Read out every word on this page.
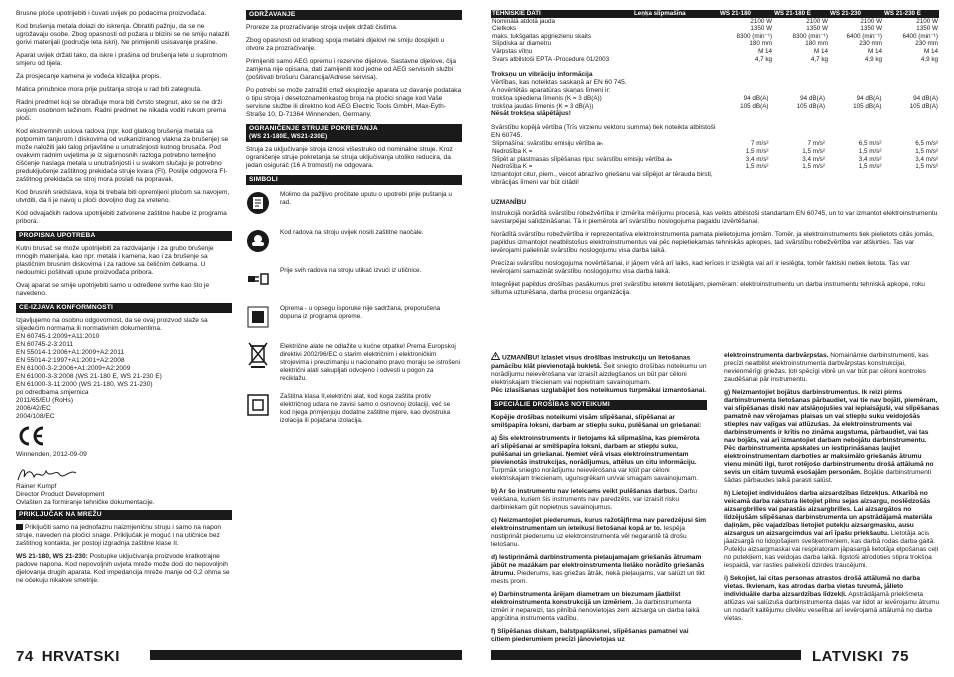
Brusne ploče upotrijebiti i čuvati uvijek po podacima proizvođača.

Kod brušenja metala dolazi do iskrenja. Obratiti pažnju, da se ne ugrožavaju osobe. Zbog opasnosti od požara u blizini se ne smiju nalaziti gorivi materijali (područje leta iskri). Ne primijeniti usisavanje prašine.

Aparat uvijek držati tako, da iskre i prašina od brušenja lete u suprotnom smjeru od tijela.

Za prosjecanje kamena je vođeća klizaljka propis.

Matica prirubnice mora prije puštanja stroja u rad biti zategnuta.

Radni predmet koji se obrađuje mora biti čvrsto stegnut, ako se ne drži svojom osobnom težinom. Radni predmet ne nikada voditi rukom prema ploči.

Kod ekstremnih uslova radova (npr. kod glatkog brušenja metala sa potpornim tanjurom i diskovima od vulkaniziranog vlakna za brušenje) se može naložiti jaki talog prljavštine u unutrašnjosti kutnog brusača. Pod ovakvim radnim uvjetima je iz sigurnosnih razloga potrebno temeljno čišćenje naslaga metala u unutrašnjosti i u svakom slučaju je potrebno preduključenje zaštitnog prekidača struje kvara (FI). Poslije odgovora FI-zaštitnog prekidača se stroj mora poslati na popravak.

Kod brusnih sredstava, koja bi trebala biti opremljeni pločom sa navojem, utvrditi, da li je navoj u ploči dovoljno dug za vreteno.

Kod odvajačkih radova upotrijebiti zatvorene zaštitne haube iz programa pribora.

PROPISNA UPOTREBA

Kutni brusač se može upotrijebiti za razdvajanje i za grubo brušenje mnogih materijala, kao npr. metala i kamena, kao i za brušenje sa plastičnim brusnim diskovima i za radove sa čeličnim četkama. U nedoumici pošitivati upute proizvođača pribora.

Ovaj aparat se smije upotrijebiti samo u određene svrhe kao što je navedeno.

CE-IZJAVA KONFORMNOSTI
Izjavljujemo na osobnu odgovornost, da se ovaj proizvod slaže sa slijedećim normama ili normativnim dokumentima.
EN 60745-1:2009+A11:2010
EN 60745-2-3:2011
EN 55014-1:2006+A1:2009+A2:2011
EN 55014-2:1997+A1:2001+A2:2008
EN 61000-3-2:2006+A1:2009+A2:2009
EN 61000-3-3:2008 (WS 21-180 E, WS 21-230 E)
EN 61000-3-11:2000 (WS 21-180, WS 21-230)
po odredbama smjernica
2011/65/EU (RoHs)
2006/42/EC
2004/108/EC
Winnenden, 2012-09-09
Rainer Kumpf
Director Product Development
Ovlašten za formiranje tehničke dokumentacije.
PRIKLJUČAK NA MREŽU

Priključiti samo na jednofaznu naizmjeničnu struju i samo na napon struje, naveden na pločici snage. Priključak je moguć i na utičnice bez zaštitnog kontakta, jer postoji izgradnja zaštitne klase II.

WS 21-180, WS 21-230: Postupke uključivanja proizvode kratkotrajne padove napona. Kod nepovoljnih uvjeta mreže može doći do nepovoljnih djelovanja drugih aparata. Kod impedancija mreže manje od 0,2 ohma se ne očekuju nikakve smetnje.

ODRŽAVANJE

Proreze za prozračivanje stroja uvijek držati čistima.

Zbog opasnosti od kratkog spoja metalni dijelovi ne smiju dospijeti u otvore za prozračivanje.

Primijeniti samo AEG opremu i rezervne dijelove. Sastavne dijelove, čija zamjena nije opisana, dati zamijeniti kod jedne od AEG servisnih službi (pošitivati brošuru Garancija/Adrese servisa).

Po potrebi se može zatražiti crtež eksplozije aparata uz davanje podataka o tipu stroja i desetoznamenkastog broja na pločici snage kod Vaše servisne službe ili direktno kod AEG Electric Tools GmbH, Max-Eyth-Straße 10, D-71364 Winnenden, Germany.

OGRANIČENJE STRUJE POKRETANJA
(WS 21-180E, WS21-230E)

Struja za uključivanje stroja iznosi višestruko od nominalne struje. Kroz ograničenje struje pokretanja se struja uključivanja utoliko reducira, da jedan osigurač (16 A tromosti) ne odgovara.

SIMBOLI
Molimo da pažljivo pročitate uputu o upotrebi prije puštanja u rad.
Kod radova na stroju uvijek nositi zaštitne naočale.
Prije svih radova na stroju utikač izvući iz utičnice.
Oprema - u opsegu isporuke nije sadržana, preporučena dopuna iz programa opreme.
Električne alate ne odlažite u kućne otpatke! Prema Europskoj direktivi 2002/96/EC o starim električnim i elektroničkim strojevima i preuzimanju u nacionalno pravo moraju se istrošeni električni alati sakupljati odvojeno i odvesti u pogon za reciklažu.
Zaštitna klasa II,električni alat, kod koga zaštita protiv električnog udara ne zavisi samo o osnovnoj izolaciji, već se kod njega primjenjuju dodatne zaštitne mjere, kao dvostruka izolacija ili pojačana izolacija.
74 HRVATSKI
TEHNISKIE DATI	Leņķa slīpmašīna	WS 21-180	WS 21-180 E	WS 21-230	WS 21-230 E
Nominālā atdotā jauda		2100 W	2100 W	2100 W	2100 W
Cietkoks		1350 W	1350 W	1350 W	1350 W
maks. tukšgaitas apgriezienu skaits		8300 (min⁻¹)	8300 (min⁻¹)	6400 (min⁻¹)	6400 (min⁻¹)
Slīpdiska ar diametru		180 mm	180 mm	230 mm	230 mm
Vārpstas vītņu		M 14	M 14	M 14	M 14
Svars atbilstoši EPTA -Procedure 01/2003		4,7 kg	4,7 kg	4,9 kg	4,9 kg
Troksņu un vibrāciju informācija
Vērtības, kas noteiktas saskaņā ar EN 60 745.
A novērtētās aparatūras skaņas līmeni ir:
trokšņa spiediena līmenis (K = 3 dB(A))	94 dB(A)	94 dB(A)	94 dB(A)	94 dB(A)
trokšņa jaudas līmenis (K = 3 dB(A))	105 dB(A)	105 dB(A)	105 dB(A)	105 dB(A)
Nēsāt trokšņa slāpētājus!
Svārstību kopējā vērtība (Trīs virzienu vektoru summa) tiek noteikta atbilstoši EN 60745.
Slīpmašīna: svārstību emisiju vērtība aₕ	7 m/s²	7 m/s²	6,5 m/s²	6,5 m/s²
Nedrošība K =	1,5 m/s²	1,5 m/s²	1,5 m/s²	1,5 m/s²
Slīpēt ar plastmasas slīpēšanas ripu: svārstību emisiju vērtība aₕ	3,4 m/s²	3,4 m/s²	3,4 m/s²	3,4 m/s²
Nedrošība K =	1,5 m/s²	1,5 m/s²	1,5 m/s²	1,5 m/s²
Izmantojot citur, piem., veicot abrazīvo griešanu vai slīpējot ar tērauda birsti, vibrācijas līmeni var būt citādi!
UZMANĪBU

Instrukcijā norādītā svārstību robežvērtība ir izmērīta mērījumu procesā, kas veikts atbilstoši standartam EN 60745, un to var izmantot elektroinstrumentu savstarpējai salīdzināšanai. Tā ir piemērota arī svārstību noslogojuma pagaidu izvērtēšanai.

Norādītā svārstību robežvērtība ir reprezentatīva elektroinstrumenta pamata pielietojuma jomām. Tomēr, ja elektroinstruments tiek pielietots citās jomās, papildus izmantojot neatbilstošus elektroinstrumentus vai pēc nepietiekamas tehniskās apkopes, tad svārstību robežvērtība var atšķirties. Tas var ievērojami palielināt svārstību noslogojumu visa darba laikā.

Precīzai svārstību noslogojuma novērtēšanai, ir jāņem vērā arī laiks, kad ierīces ir izslēgta vai arī ir ieslēgta, tomēr faktiski netiek lietota. Tas var ievērojami samazināt svārstību noslogojumu visa darba laikā.

Integrējiet papildus drošības pasākumus pret svārstību ietekmi lietotājam, piemēram: elektroinstrumentu un darba instrumentu tehniskā apkope, roku siltuma uzturēšana, darba procesu organizācija.

UZMANĪBU! Izlasiet visus drošības instrukciju un lietošanas pamācību klāt pievienotajā bukletā. Šeit sniegto drošības noteikumu un norādījumu neievērošana var izraisīt aizdegšanos un būt par cēloni elektriskajam triecienam vai nopietnam savainojumam.
Pēc izlasīšanas uzglabājiet šos noteikumus turpmākai izmantošanai.

SPECIĀLIE DROŠĪBAS NOTEIKUMI

Kopējie drošības noteikumi visām slīpēšanai, slīpēšanai ar smilšpapīra loksni, darbam ar stiepļu suku, pulēšanai un griešanai:

a) Šis elektroinstruments ir lietojams kā slīpmašīna, kas piemērota arī slīpēšanai ar smilšpapīra loksni, darbam ar stiepļu suku, pulēšanai un griešanai. Ņemiet vērā visas elektroinstrumentam pievienotās instrukcijas, norādījumus, attēlus un citu informāciju. Turpmāk sniegto norādījumu neievērošana var kļūt par cēloni elektriskajam triecienam, ugunsgrēkam un/vai smagam savainojumam.

b) Ar šo instrumentu nav ieteicams veikt pulēšanas darbus. Darbu veikšana, kuriem šis instruments nav paredzēts, var izraisīt risku darbiniekam gūt nopietnus savainojumus.

c) Neizmantojiet piederumus, kurus ražotājfirma nav paredzējusi šim elektroinstrumentam un ieteikusi lietošanai kopā ar to. Iespēja nostiprināt piederumu uz elektroinstrumenta vēl negarantē tā drošu lietošanu.

d) Iestiprināmā darbinstrumenta pieļaujamajam griešanās ātrumam jābūt ne mazākam par elektroinstrumenta lielāko norādīto griešanās ātrumu. Piederums, kas griežas ātrāk, nekā pieļaujams, var salūzt un tikt mests prom.

e) Darbinstrumenta ārējam diametram un biezumam jāatbilst elektroinstrumenta konstrukcijā un izmēriem. Ja darbinstrumenta izmēri ir nepareizi, tas pilnībā nenovietojas zem aizsarga un darba laikā apgrūtina instrumenta vadību.

f) Slīpēšanas diskam, balstpaplāksnei, slīpēšanas pamatnei vai citiem piederumiem precīzi jānovietojas uz

elektroinstrumenta darbvārpstas. Nomaināmie darbinstrumenti, kas precīzi neatbilst elektroinstrumenta darbvārpstas konstrukcijai, nevienmērīgi griežas, ļoti spēcīgi vibrē un var būt par cēloni kontroles zaudēšanai pār instrumentu.

g) Neizmantojiet bojātus darbinstrumentus. Ik reizi pirms darbinstrumenta lietošanas pārbaudiet, vai tie nav bojāti, piemēram, vai slīpēšanas diski nav atslāņojušies vai ieplaisājuši, vai slīpēšanas pamatnē nav vērojamas plaisas un vai stiepļu suku veidojošās stieples nav vaļīgas vai atlūzušas. Ja elektroinstruments vai darbinstruments ir krītis no zināma augstuma, pārbaudiet, vai tas nav bojāts, vai arī izmantojiet darbam nebojātu darbinstrumentu. Pēc darbinstrumenta apskates un iestiprināšanas ļaujiet elektroinstrumentam darboties ar maksimālo griešanās ātrumu vienu minūti ilgi, turot rotējošo darbinstrumentu drošā attālumā no sevis un citām tuvumā esošajām personām. Bojātie darbinstrumenti šādas pārbaudes laikā parasti salūst.

h) Lietojiet individuālos darba aizsardzības līdzekļus. Atkarībā no veicamā darba rakstura lietojiet pilnu sejas aizsargu, noslēdzošās aizsargbrilles vai parastās aizsargbrilles. Lai aizsargātos no līdzējušām slīpēšanas darbinstrumenta un apstrādājamā materiāla daļiņām, pēc vajadzības lietojiet putekļu aizsargmasku, ausu aizsargus un aizsargcimdus vai arī īpašu priekšautu. Lietotāja acis jāaizsargā no lidojošajiem svešķermeņiem, kas darbā rodas darba gaitā. Putekļu aizsargmaskai vai respiratoram jāpasargā lietotāja elpošanas ceļi no putekļiem, kas veidojas darba laikā. Ilgstoši atrodoties stipra trokšņa iespaidā, var rasties paliekoši dzirdes traucējumi.

i) Sekojiet, lai citas personas atrastos drošā attālumā no darba vietas. Ikvienam, kas atrodas darba vietas tuvumā, jālieto individuālie darba aizsardzības līdzekļi. Apstrādājamā priekšmeta atlūzas vai salūzuša darbinstrumenta daļas var lidot ar ievērojamu ātrumu un nodarīt kaitējumu cilvēku veselībai arī ievērojamā attālumā no darba vietas.

LATVISKI 75
